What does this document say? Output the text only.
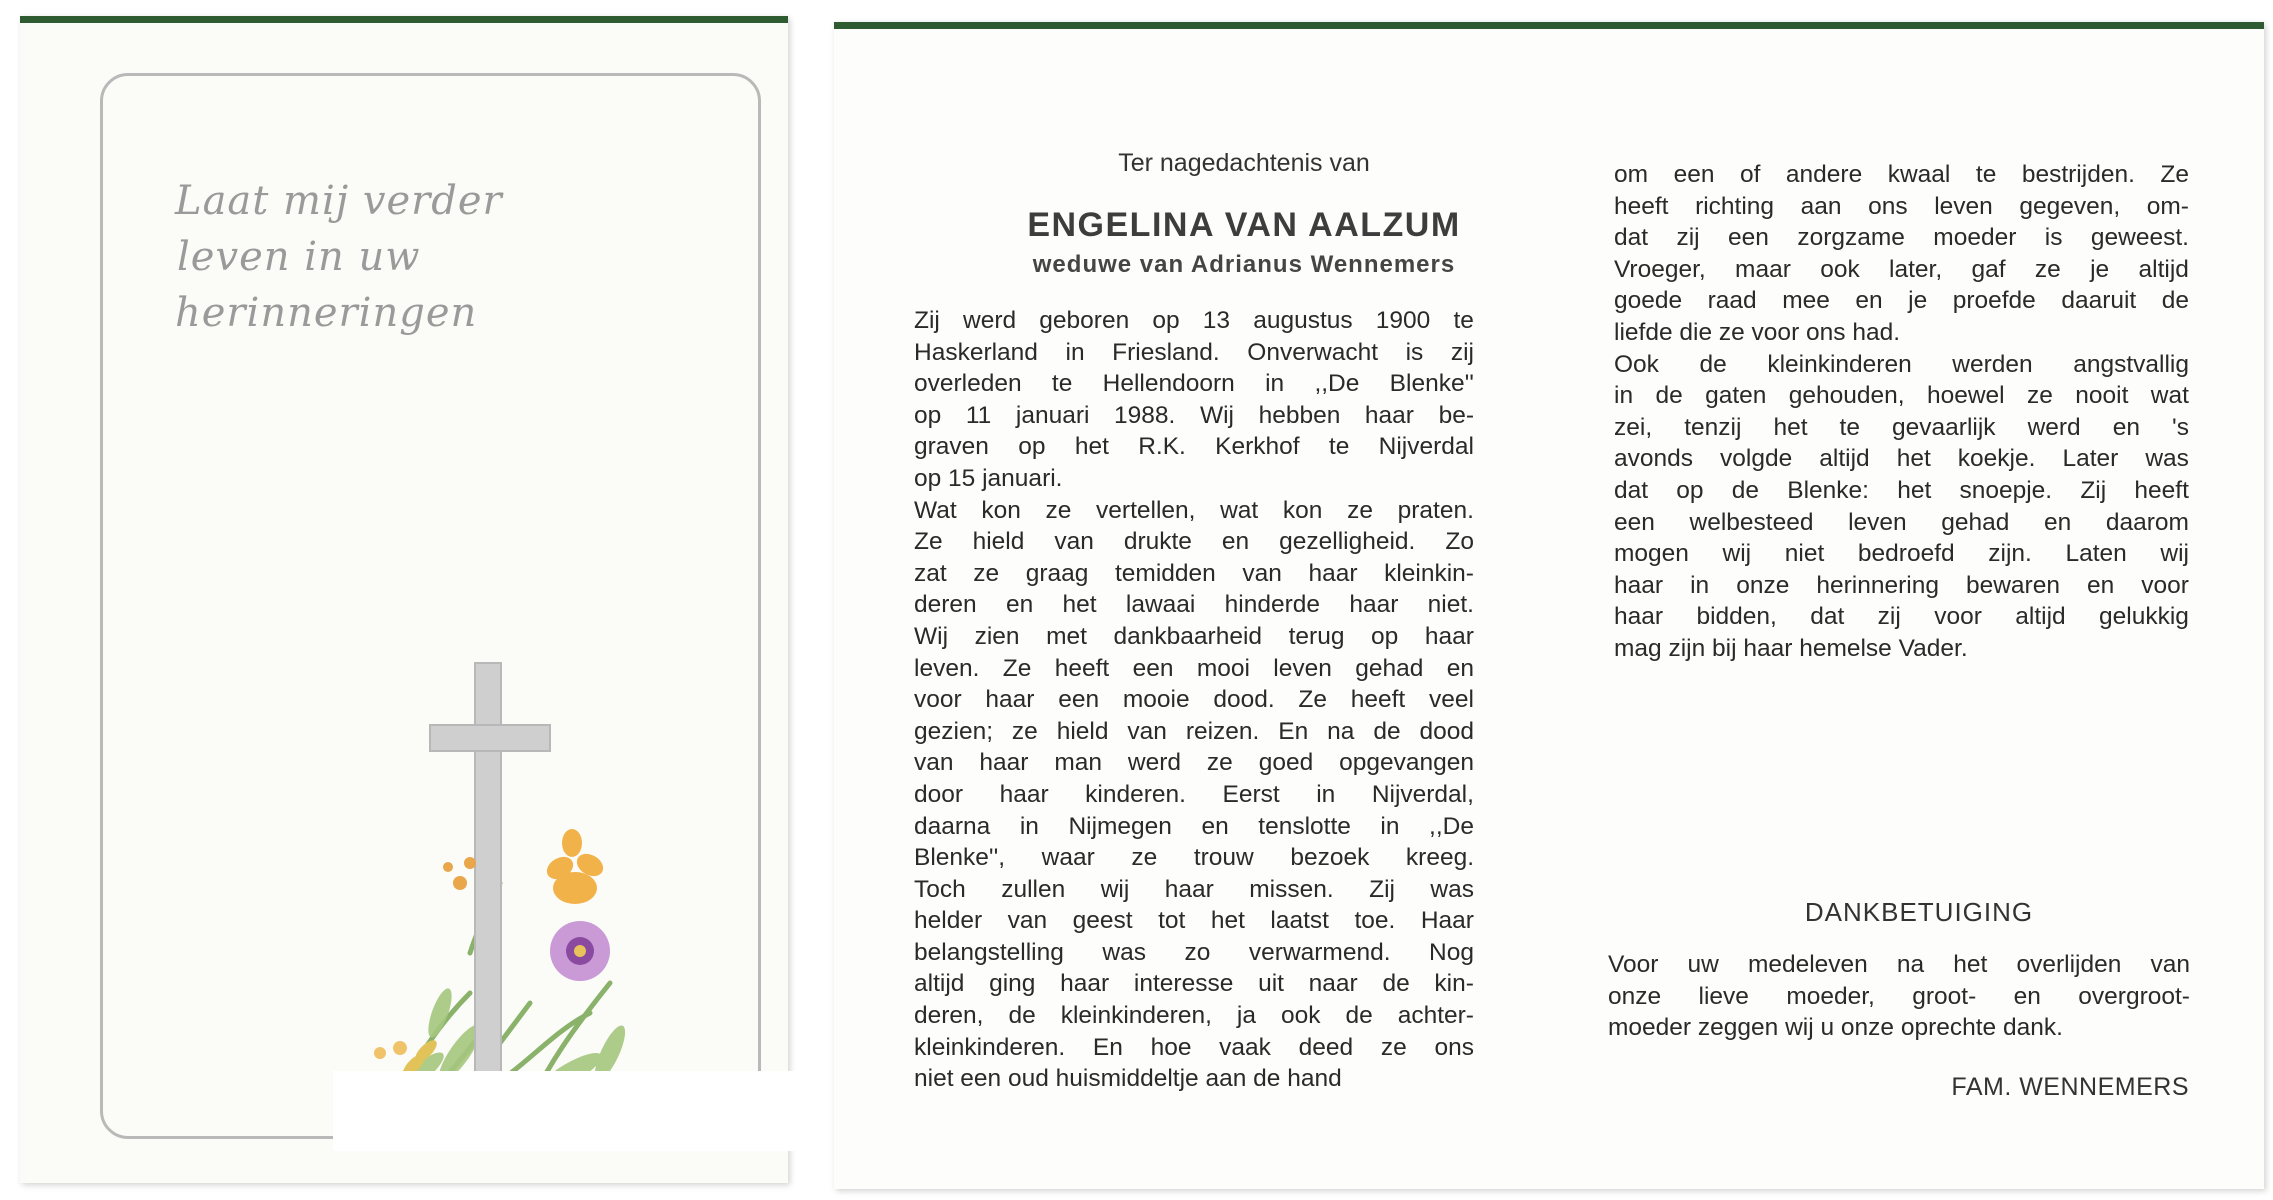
Laat mij verder
leven in uw
herinneringen
Ter nagedachtenis van
ENGELINA VAN AALZUM
weduwe van Adrianus Wennemers
Zij werd geboren op 13 augustus 1900 te
Haskerland in Friesland. Onverwacht is zij
overleden te Hellendoorn in ,,De Blenke''
op 11 januari 1988. Wij hebben haar be-
graven op het R.K. Kerkhof te Nijverdal
op 15 januari.
Wat kon ze vertellen, wat kon ze praten.
Ze hield van drukte en gezelligheid. Zo
zat ze graag temidden van haar kleinkin-
deren en het lawaai hinderde haar niet.
Wij zien met dankbaarheid terug op haar
leven. Ze heeft een mooi leven gehad en
voor haar een mooie dood. Ze heeft veel
gezien; ze hield van reizen. En na de dood
van haar man werd ze goed opgevangen
door haar kinderen. Eerst in Nijverdal,
daarna in Nijmegen en tenslotte in ,,De
Blenke'', waar ze trouw bezoek kreeg.
Toch zullen wij haar missen. Zij was
helder van geest tot het laatst toe. Haar
belangstelling was zo verwarmend. Nog
altijd ging haar interesse uit naar de kin-
deren, de kleinkinderen, ja ook de achter-
kleinkinderen. En hoe vaak deed ze ons
niet een oud huismiddeltje aan de hand
om een of andere kwaal te bestrijden. Ze
heeft richting aan ons leven gegeven, om-
dat zij een zorgzame moeder is geweest.
Vroeger, maar ook later, gaf ze je altijd
goede raad mee en je proefde daaruit de
liefde die ze voor ons had.
Ook de kleinkinderen werden angstvallig
in de gaten gehouden, hoewel ze nooit wat
zei, tenzij het te gevaarlijk werd en 's
avonds volgde altijd het koekje. Later was
dat op de Blenke: het snoepje. Zij heeft
een welbesteed leven gehad en daarom
mogen wij niet bedroefd zijn. Laten wij
haar in onze herinnering bewaren en voor
haar bidden, dat zij voor altijd gelukkig
mag zijn bij haar hemelse Vader.
DANKBETUIGING
Voor uw medeleven na het overlijden van
onze lieve moeder, groot- en overgroot-
moeder zeggen wij u onze oprechte dank.
FAM. WENNEMERS
